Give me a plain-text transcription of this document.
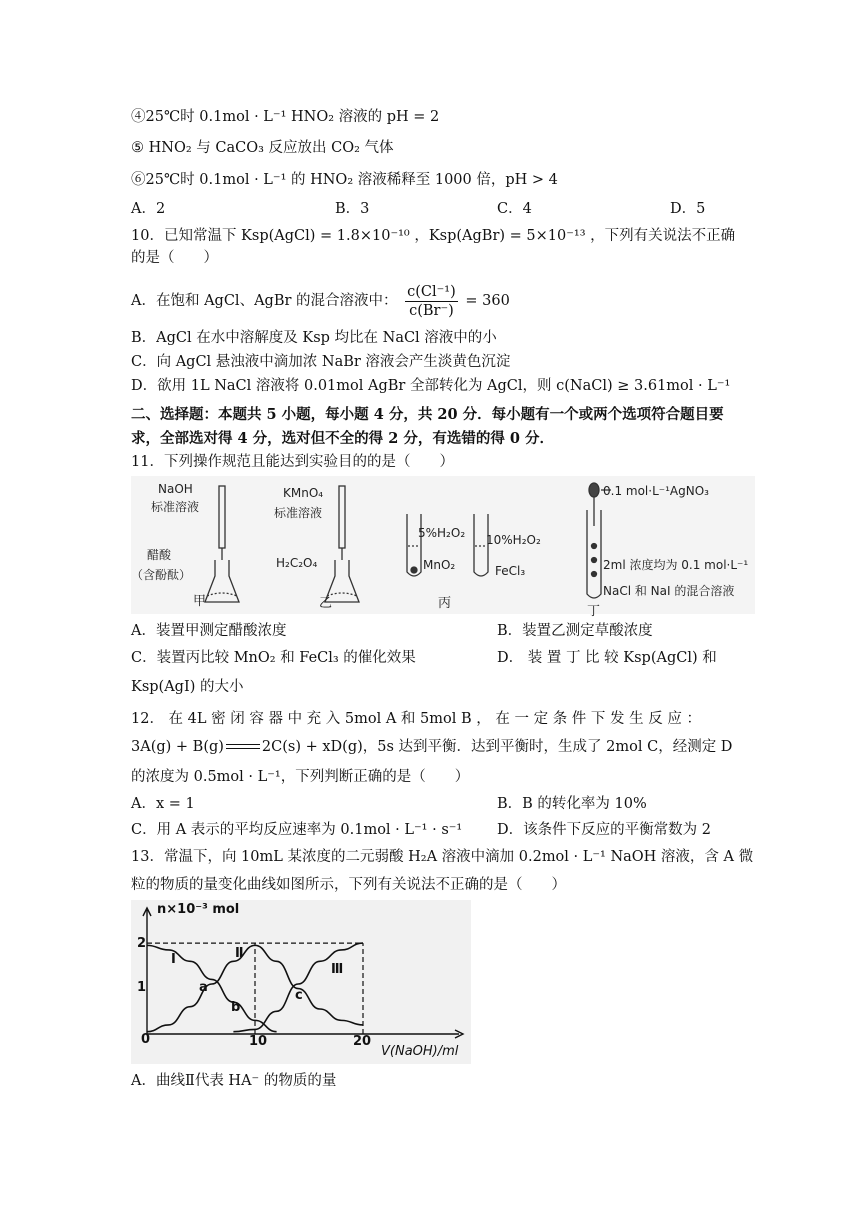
④25℃时 0.1mol · L⁻¹ HNO₂ 溶液的 pH = 2
⑤ HNO₂ 与 CaCO₃ 反应放出 CO₂ 气体
⑥25℃时 0.1mol · L⁻¹ 的 HNO₂ 溶液稀释至 1000 倍，pH > 4
A．2	B．3	C．4	D．5
10．已知常温下 Ksp(AgCl) = 1.8×10⁻¹⁰ ，Ksp(AgBr) = 5×10⁻¹³ ，下列有关说法不正确
的是（　　）
A．在饱和 AgCl、AgBr 的混合溶液中： $\frac{\text{c(Cl⁻¹)}}{c(Br^-)} = 360$
B．AgCl 在水中溶解度及 Ksp 均比在 NaCl 溶液中的小
C．向 AgCl 悬浊液中滴加浓 NaBr 溶液会产生淡黄色沉淀
D．欲用 1L NaCl 溶液将 0.01mol AgBr 全部转化为 AgCl，则 c(NaCl) ≥ 3.61mol · L⁻¹
二、选择题：本题共 5 小题，每小题 4 分，共 20 分．每小题有一个或两个选项符合题目要
求，全部选对得 4 分，选对但不全的得 2 分，有选错的得 0 分．
11．下列操作规范且能达到实验目的的是（　　）
NaOH
标准溶液
醋酸
（含酚酞）
甲
KMnO₄
标准溶液
H₂C₂O₄
乙
5%H₂O₂
MnO₂
10%H₂O₂
FeCl₃
丙
0.1 mol·L⁻¹AgNO₃
2ml 浓度均为 0.1 mol·L⁻¹
NaCl 和 NaI 的混合溶液
丁
A．装置甲测定醋酸浓度	B．装置乙测定草酸浓度
C．装置丙比较 MnO₂ 和 FeCl₃ 的催化效果	D． 装 置 丁 比 较 Ksp(AgCl) 和
Ksp(AgI) 的大小
12． 在 4L 密 闭 容 器 中 充 入 5mol A 和 5mol B ， 在 一 定 条 件 下 发 生 反 应 ：
3A(g) + B(g)	2C(s) + xD(g)，5s 达到平衡．达到平衡时，生成了 2mol C，经测定 D
的浓度为 0.5mol · L⁻¹，下列判断正确的是（　　）
A．x = 1	B．B 的转化率为 10%
C．用 A 表示的平均反应速率为 0.1mol · L⁻¹ · s⁻¹ D．该条件下反应的平衡常数为 2
13．常温下，向 10mL 某浓度的二元弱酸 H₂A 溶液中滴加 0.2mol · L⁻¹ NaOH 溶液，含 A 微
粒的物质的量变化曲线如图所示，下列有关说法不正确的是（　　）
n×10⁻³ mol
V(NaOH)/ml
0	10	20
1
2
Ⅰ	Ⅱ
Ⅲ
a
b
c
A．曲线Ⅱ代表 HA⁻ 的物质的量
